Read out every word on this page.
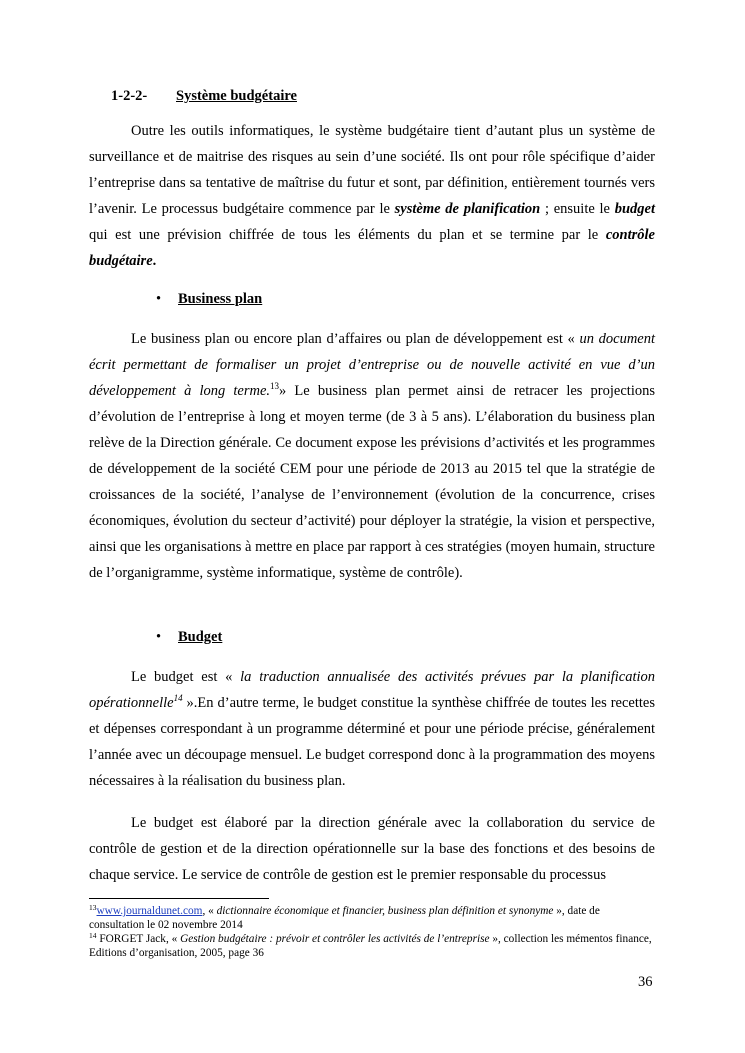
1-2-2- Système budgétaire

Outre les outils informatiques, le système budgétaire tient d’autant plus un système de surveillance et de maitrise des risques au sein d’une société. Ils ont pour rôle spécifique d’aider l’entreprise dans sa tentative de maîtrise du futur et sont, par définition, entièrement tournés vers l’avenir. Le processus budgétaire commence par le système de planification ; ensuite le budget qui est une prévision chiffrée de tous les éléments du plan et se termine par le contrôle budgétaire.

• Business plan

Le business plan ou encore plan d’affaires ou plan de développement est « un document écrit permettant de formaliser un projet d’entreprise ou de nouvelle activité en vue d’un développement à long terme.$^{13}$» Le business plan permet ainsi de retracer les projections d’évolution de l’entreprise à long et moyen terme (de 3 à 5 ans). L’élaboration du business plan relève de la Direction générale. Ce document expose les prévisions d’activités et les programmes de développement de la société CEM pour une période de 2013 au 2015 tel que la stratégie de croissances de la société, l’analyse de l’environnement (évolution de la concurrence, crises économiques, évolution du secteur d’activité) pour déployer la stratégie, la vision et perspective, ainsi que les organisations à mettre en place par rapport à ces stratégies (moyen humain, structure de l’organigramme, système informatique, système de contrôle).

• Budget

Le budget est « la traduction annualisée des activités prévues par la planification opérationnelle$^{14}$ ».En d’autre terme, le budget constitue la synthèse chiffrée de toutes les recettes et dépenses correspondant à un programme déterminé et pour une période précise, généralement l’année avec un découpage mensuel. Le budget correspond donc à la programmation des moyens nécessaires à la réalisation du business plan.

Le budget est élaboré par la direction générale avec la collaboration du service de contrôle de gestion et de la direction opérationnelle sur la base des fonctions et des besoins de chaque service. Le service de contrôle de gestion est le premier responsable du processus

$^{13}$www.journaldunet.com, « dictionnaire économique et financier, business plan définition et synonyme », date de consultation le 02 novembre 2014

$^{14}$ FORGET Jack, « Gestion budgétaire : prévoir et contrôler les activités de l’entreprise », collection les mémentos finance, Editions d’organisation, 2005, page 36

36
